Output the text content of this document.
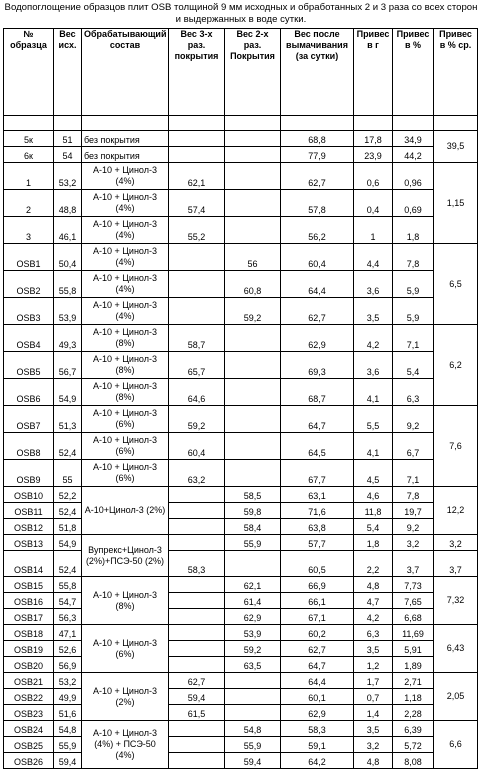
Водопоглощение образцов плит OSB толщиной 9 мм исходных и обработанных 2 и 3 раза со всех сторон и выдержанных в воде сутки.
№ образца	Вес исх.	Обрабатывающий состав	Вес 3-х раз. покрытия	Вес 2-х раз. Покрытия	Вес после вымачивания (за сутки)	Привес в г	Привес в %	Привес в % ср.

5к	51	без покрытия			68,8	17,8	34,9	39,5
6к	54	без покрытия			77,9	23,9	44,2	
1	53,2	А-10 + Цинол-3 (4%)	62,1		62,7	0,6	0,96	1,15
2	48,8	А-10 + Цинол-3 (4%)	57,4		57,8	0,4	0,69	
3	46,1	А-10 + Цинол-3 (4%)	55,2		56,2	1	1,8	
OSB1	50,4	А-10 + Цинол-3 (4%)		56	60,4	4,4	7,8	6,5
OSB2	55,8	А-10 + Цинол-3 (4%)		60,8	64,4	3,6	5,9	
OSB3	53,9	А-10 + Цинол-3 (4%)		59,2	62,7	3,5	5,9	
OSB4	49,3	А-10 + Цинол-3 (8%)	58,7		62,9	4,2	7,1	6,2
OSB5	56,7	А-10 + Цинол-3 (8%)	65,7		69,3	3,6	5,4	
OSB6	54,9	А-10 + Цинол-3 (8%)	64,6		68,7	4,1	6,3	
OSB7	51,3	А-10 + Цинол-3 (6%)	59,2		64,7	5,5	9,2	7,6
OSB8	52,4	А-10 + Цинол-3 (6%)	60,4		64,5	4,1	6,7	
OSB9	55	А-10 + Цинол-3 (6%)	63,2		67,7	4,5	7,1	
OSB10	52,2	А-10+Цинол-3 (2%)		58,5	63,1	4,6	7,8	12,2
OSB11	52,4			59,8	71,6	11,8	19,7	
OSB12	51,8			58,4	63,8	5,4	9,2	
OSB13	54,9	Вупрекс+Цинол-3 (2%)+ПСЭ-50 (2%)		55,9	57,7	1,8	3,2	3,2
OSB14	52,4		58,3		60,5	2,2	3,7	3,7
OSB15	55,8	А-10 + Цинол-3 (8%)		62,1	66,9	4,8	7,73	7,32
OSB16	54,7			61,4	66,1	4,7	7,65	
OSB17	56,3			62,9	67,1	4,2	6,68	
OSB18	47,1	А-10 + Цинол-3 (6%)		53,9	60,2	6,3	11,69	6,43
OSB19	52,6			59,2	62,7	3,5	5,91	
OSB20	56,9			63,5	64,7	1,2	1,89	
OSB21	53,2	А-10 + Цинол-3 (2%)	62,7		64,4	1,7	2,71	2,05
OSB22	49,9		59,4		60,1	0,7	1,18	
OSB23	51,6		61,5		62,9	1,4	2,28	
OSB24	54,8	А-10 + Цинол-3 (4%) + ПСЭ-50 (4%)		54,8	58,3	3,5	6,39	6,6
OSB25	55,9			55,9	59,1	3,2	5,72	
OSB26	59,4			59,4	64,2	4,8	8,08	
